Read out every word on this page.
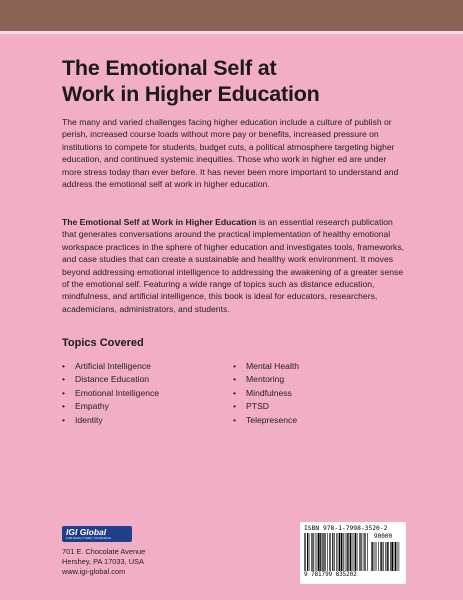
The Emotional Self at
Work in Higher Education

The many and varied challenges facing higher education include a culture of publish or perish, increased course loads without more pay or benefits, increased pressure on institutions to compete for students, budget cuts, a political atmosphere targeting higher education, and continued systemic inequities. Those who work in higher ed are under more stress today than ever before. It has never been more important to understand and address the emotional self at work in higher education.

The Emotional Self at Work in Higher Education is an essential research publication that generates conversations around the practical implementation of healthy emotional workspace practices in the sphere of higher education and investigates tools, frameworks, and case studies that can create a sustainable and healthy work environment. It moves beyond addressing emotional intelligence to addressing the awakening of a greater sense of the emotional self. Featuring a wide range of topics such as distance education, mindfulness, and artificial intelligence, this book is ideal for educators, researchers, academicians, administrators, and students.

Topics Covered
• Artificial Intelligence
• Distance Education
• Emotional Intelligence
• Empathy
• Identity
• Mental Health
• Mentoring
• Mindfulness
• PTSD
• Telepresence
IGI Global
PUBLISHER of TIMELY KNOWLEDGE
701 E. Chocolate Avenue
Hershey, PA 17033, USA
www.igi-global.com
ISBN 978-1-7998-3520-2
90000
9 781799 835202
